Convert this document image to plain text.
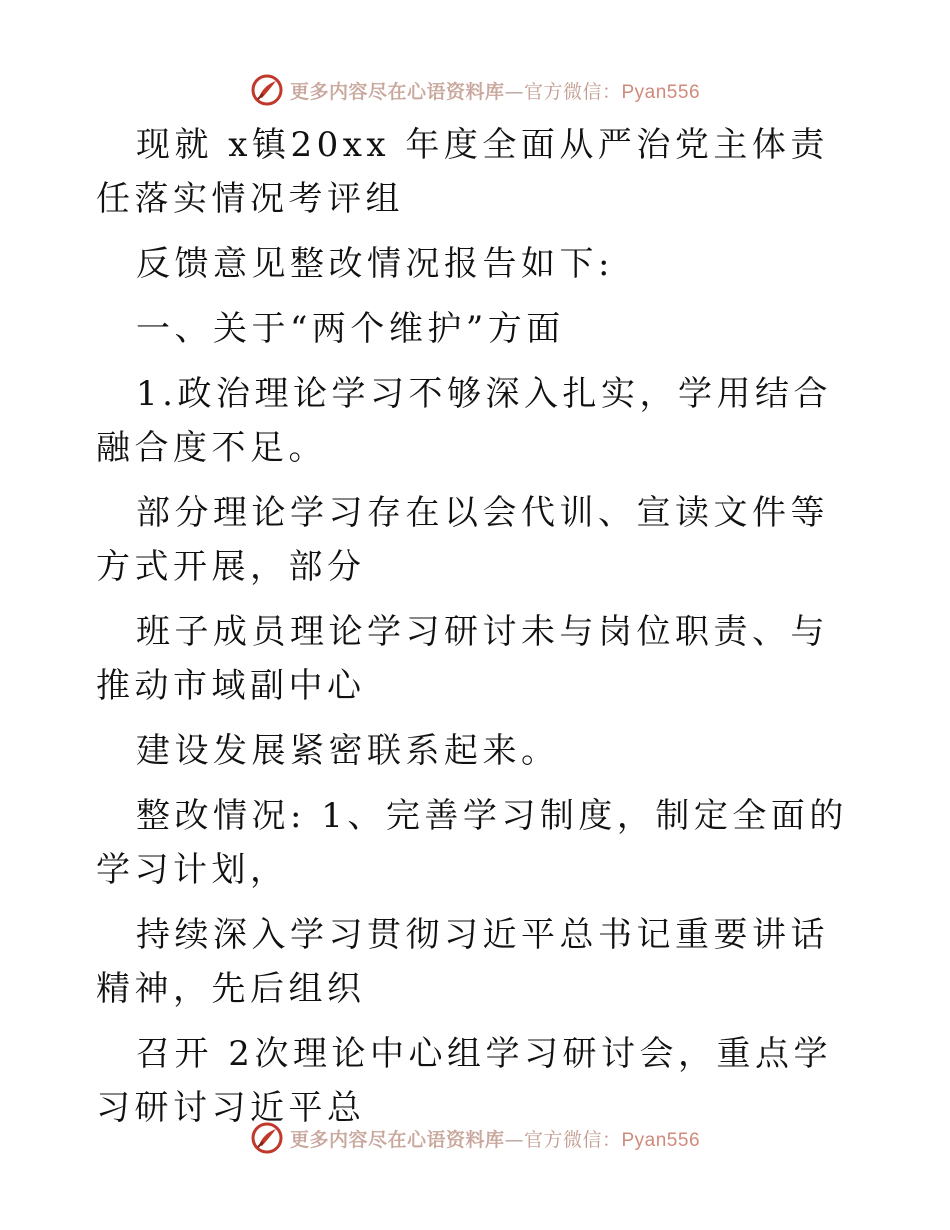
更多内容尽在心语资料库—官方微信：Pyan556

现就 x镇20xx 年度全面从严治党主体责任落实情况考评组

反馈意见整改情况报告如下:

一、关于“两个维护”方面

1.政治理论学习不够深入扎实，学用结合融合度不足。

部分理论学习存在以会代训、宣读文件等方式开展，部分

班子成员理论学习研讨未与岗位职责、与推动市域副中心

建设发展紧密联系起来。

整改情况: 1、完善学习制度，制定全面的学习计划，

持续深入学习贯彻习近平总书记重要讲话精神，先后组织

召开 2次理论中心组学习研讨会，重点学习研讨习近平总

更多内容尽在心语资料库—官方微信：Pyan556
